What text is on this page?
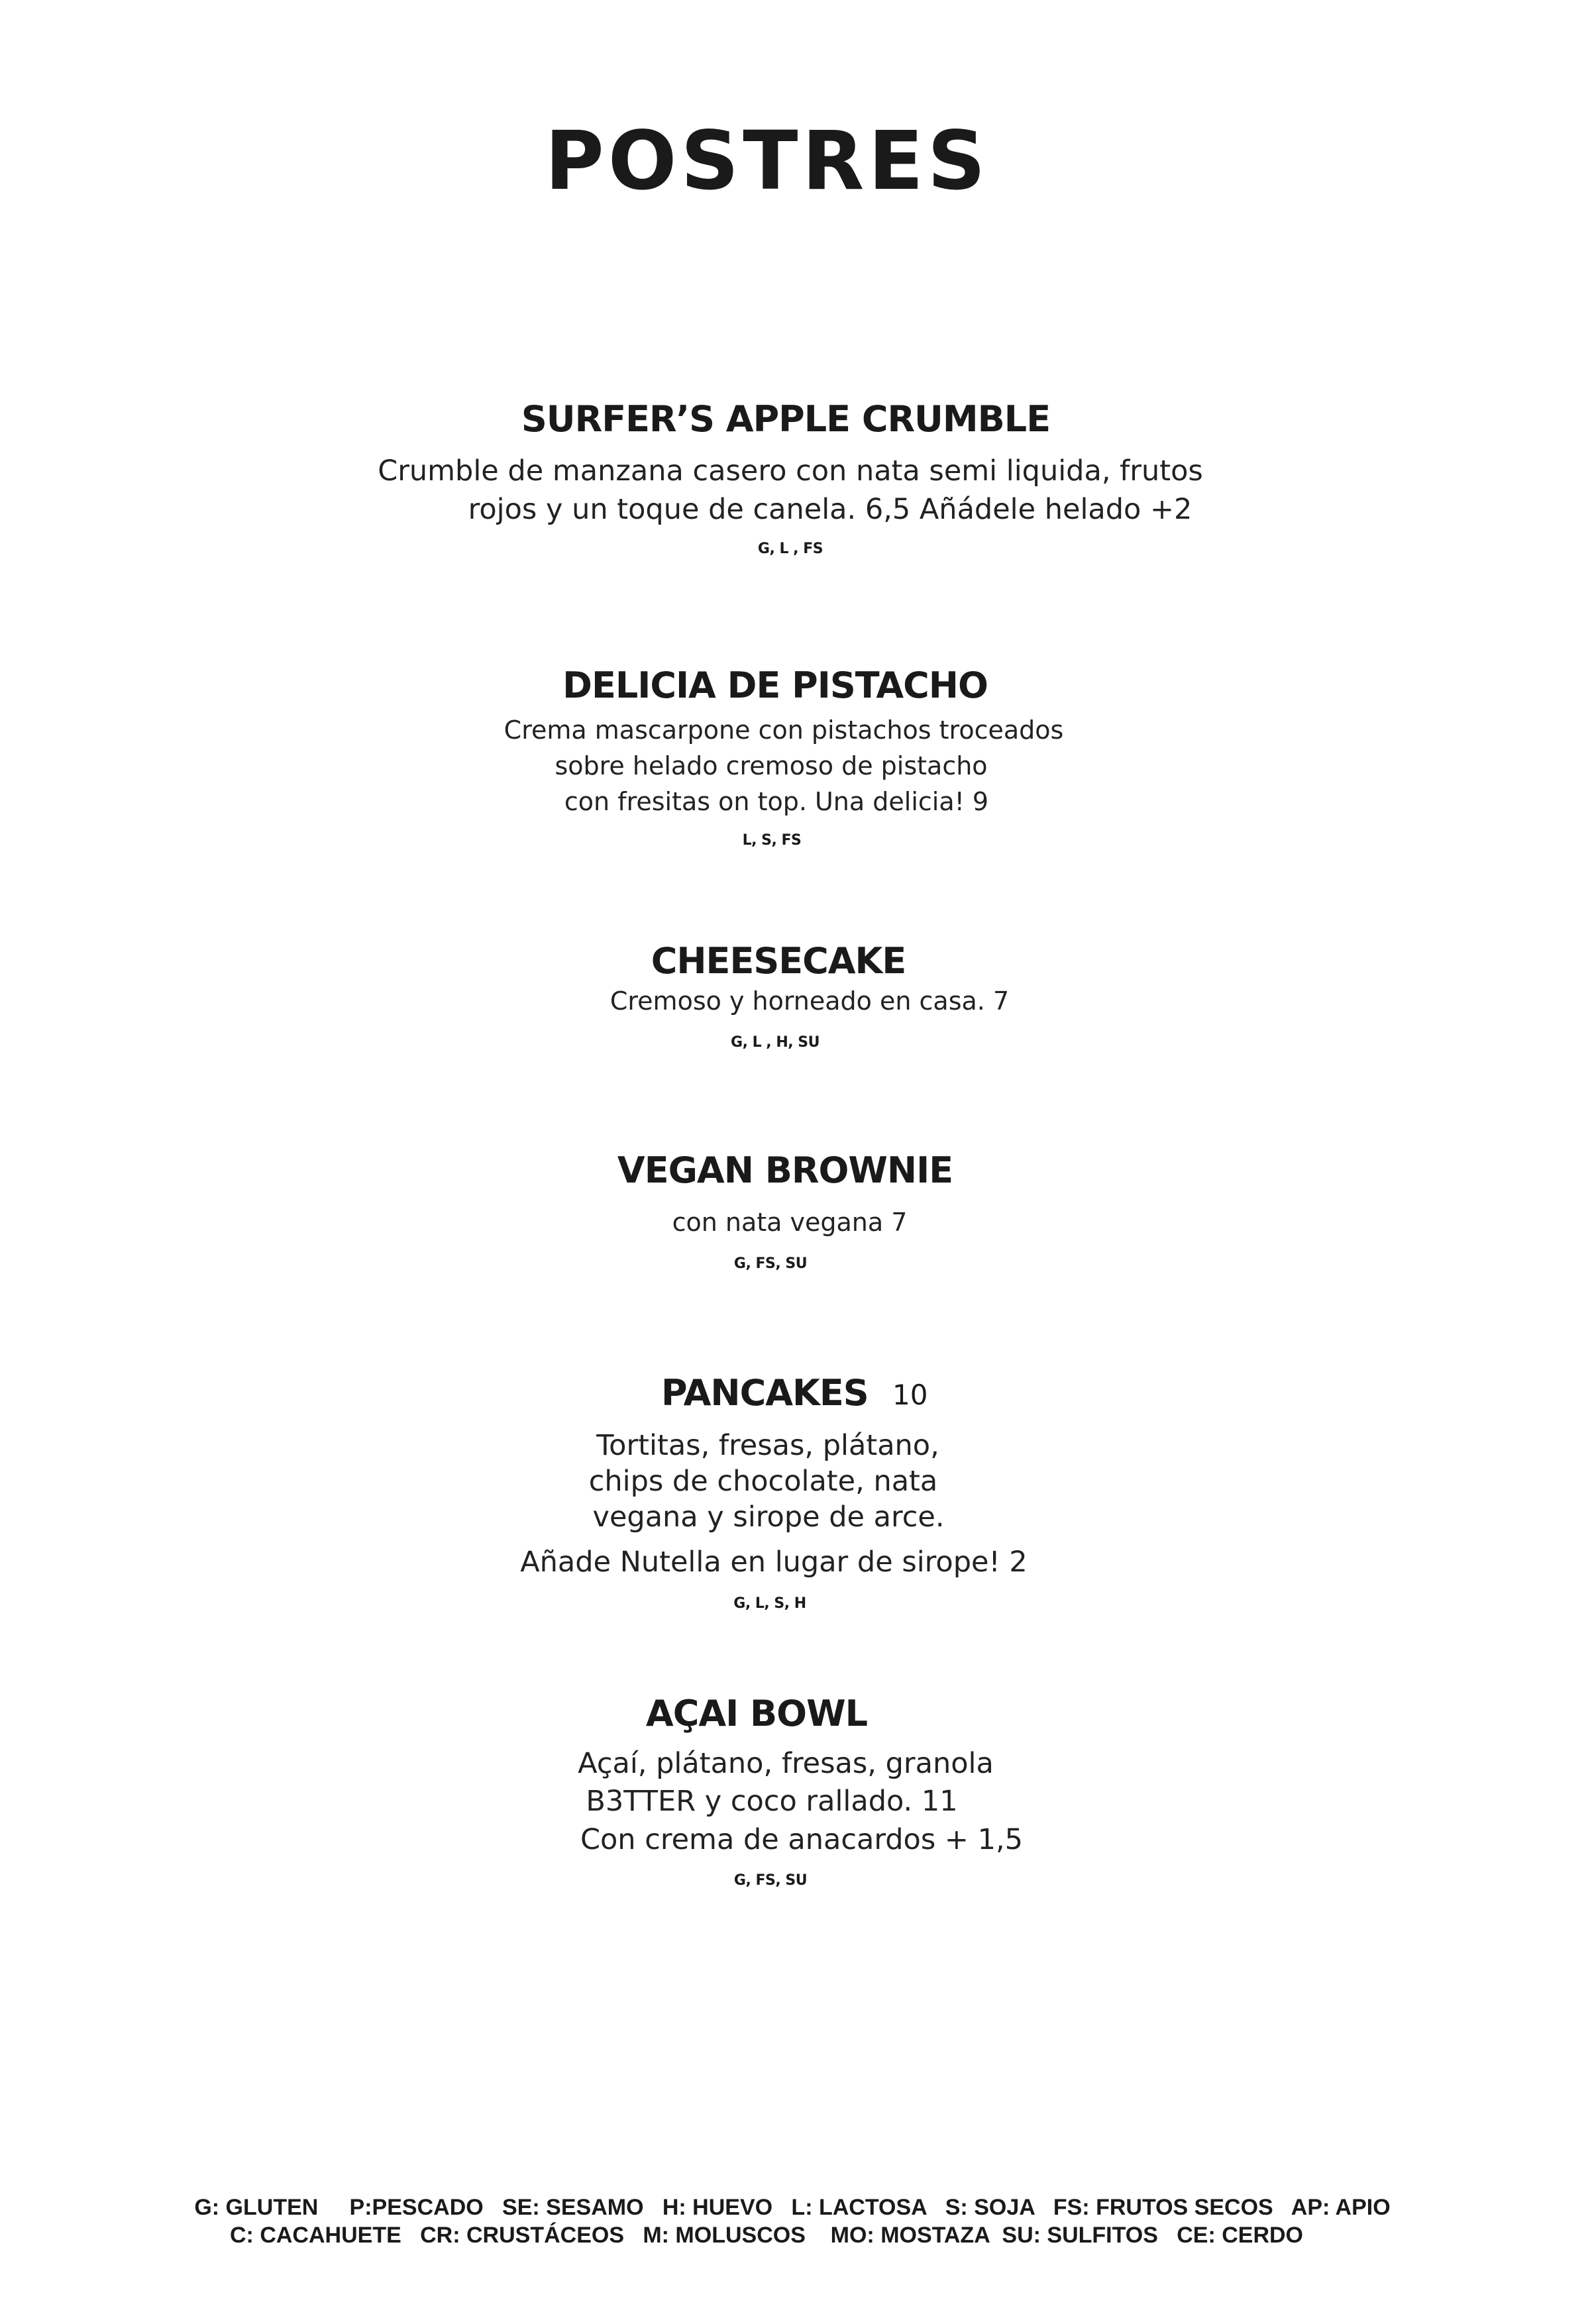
POSTRES
SURFER’S APPLE CRUMBLE
Crumble de manzana casero con nata semi liquida, frutos
rojos y un toque de canela. 6,5 Añádele helado +2
G, L , FS
DELICIA DE PISTACHO
Crema mascarpone con pistachos troceados
sobre helado cremoso de pistacho
con fresitas on top. Una delicia! 9
L, S, FS
CHEESECAKE
Cremoso y horneado en casa. 7
G, L , H, SU
VEGAN BROWNIE
con nata vegana 7
G, FS, SU
PANCAKES 10
Tortitas, fresas, plátano,
chips de chocolate, nata
vegana y sirope de arce.
Añade Nutella en lugar de sirope! 2
G, L, S, H
AÇAI BOWL
Açaí, plátano, fresas, granola
B3TTER y coco rallado. 11
Con crema de anacardos + 1,5
G, FS, SU
G: GLUTEN     P:PESCADO   SE: SESAMO   H: HUEVO   L: LACTOSA   S: SOJA   FS: FRUTOS SECOS   AP: APIO
C: CACAHUETE   CR: CRUSTÁCEOS   M: MOLUSCOS    MO: MOSTAZA  SU: SULFITOS   CE: CERDO
